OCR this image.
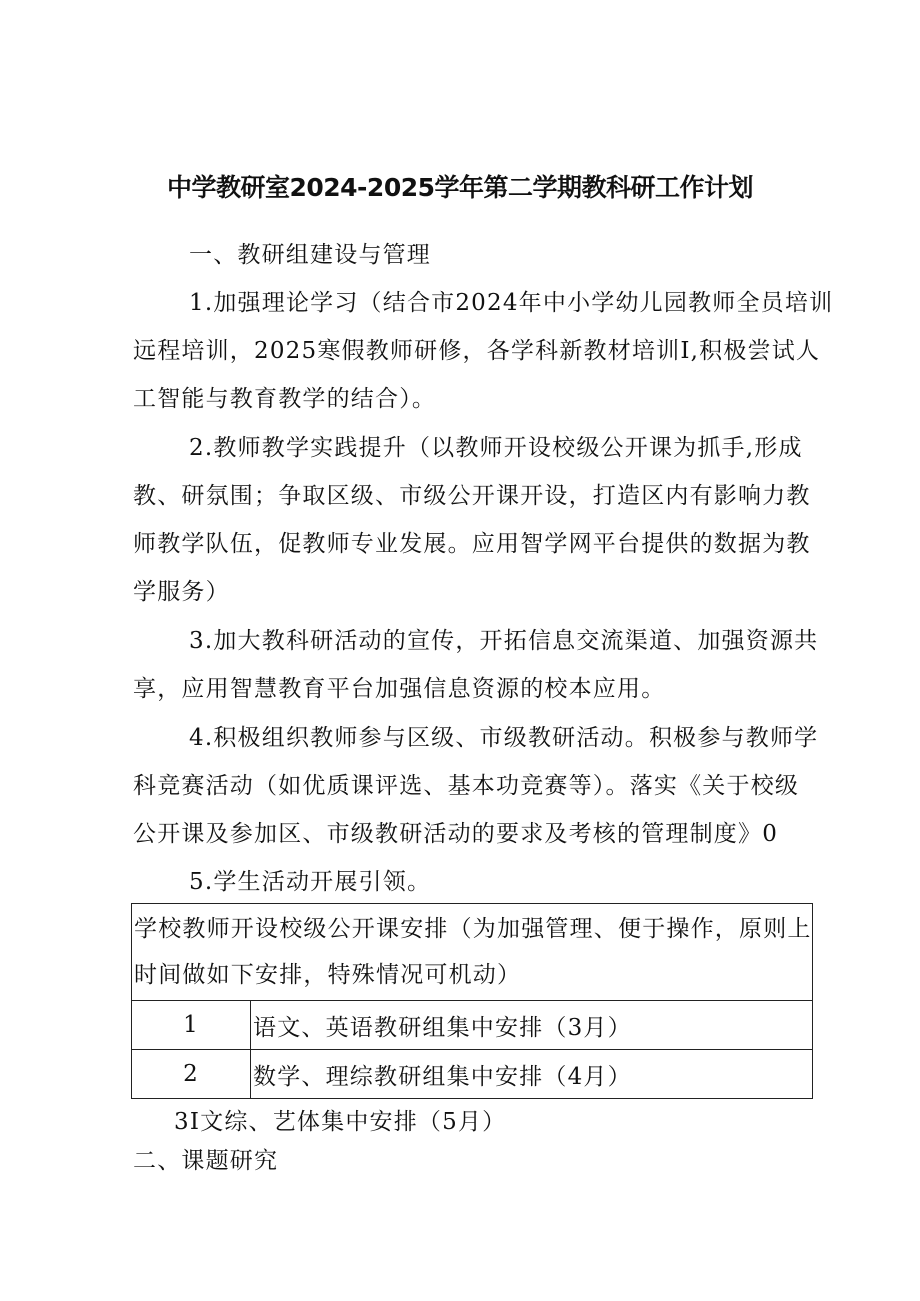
中学教研室2024-2025学年第二学期教科研工作计划
一、教研组建设与管理
1.加强理论学习（结合市2024年中小学幼儿园教师全员培训
远程培训，2025寒假教师研修，各学科新教材培训I,积极尝试人
工智能与教育教学的结合）。
2.教师教学实践提升（以教师开设校级公开课为抓手,形成
教、研氛围；争取区级、市级公开课开设，打造区内有影响力教
师教学队伍，促教师专业发展。应用智学网平台提供的数据为教
学服务）
3.加大教科研活动的宣传，开拓信息交流渠道、加强资源共
享，应用智慧教育平台加强信息资源的校本应用。
4.积极组织教师参与区级、市级教研活动。积极参与教师学
科竞赛活动（如优质课评选、基本功竞赛等）。落实《关于校级
公开课及参加区、市级教研活动的要求及考核的管理制度》0
5.学生活动开展引领。
学校教师开设校级公开课安排（为加强管理、便于操作，原则上
时间做如下安排，特殊情况可机动）	

1	语文、英语教研组集中安排（3月）
2	数学、理综教研组集中安排（4月）
3I文综、艺体集中安排（5月）
二、课题研究
